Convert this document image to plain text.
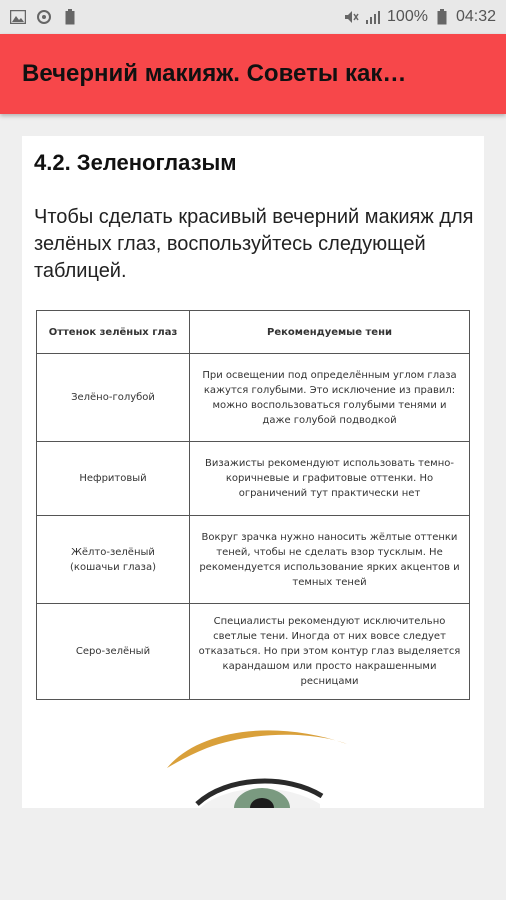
100% 04:32
Вечерний макияж. Советы как…
4.2. Зеленоглазым
Чтобы сделать красивый вечерний макияж для зелёных глаз, воспользуйтесь следующей таблицей.
Оттенок зелёных глаз	Рекомендуемые тени
Зелёно-голубой	При освещении под определённым углом глаза кажутся голубыми. Это исключение из правил: можно воспользоваться голубыми тенями и даже голубой подводкой
Нефритовый	Визажисты рекомендуют использовать темно-коричневые и графитовые оттенки. Но ограничений тут практически нет
Жёлто-зелёный (кошачьи глаза)	Вокруг зрачка нужно наносить жёлтые оттенки теней, чтобы не сделать взор тусклым. Не рекомендуется использование ярких акцентов и темных теней
Серо-зелёный	Специалисты рекомендуют исключительно светлые тени. Иногда от них вовсе следует отказаться. Но при этом контур глаз выделяется карандашом или просто накрашенными ресницами
